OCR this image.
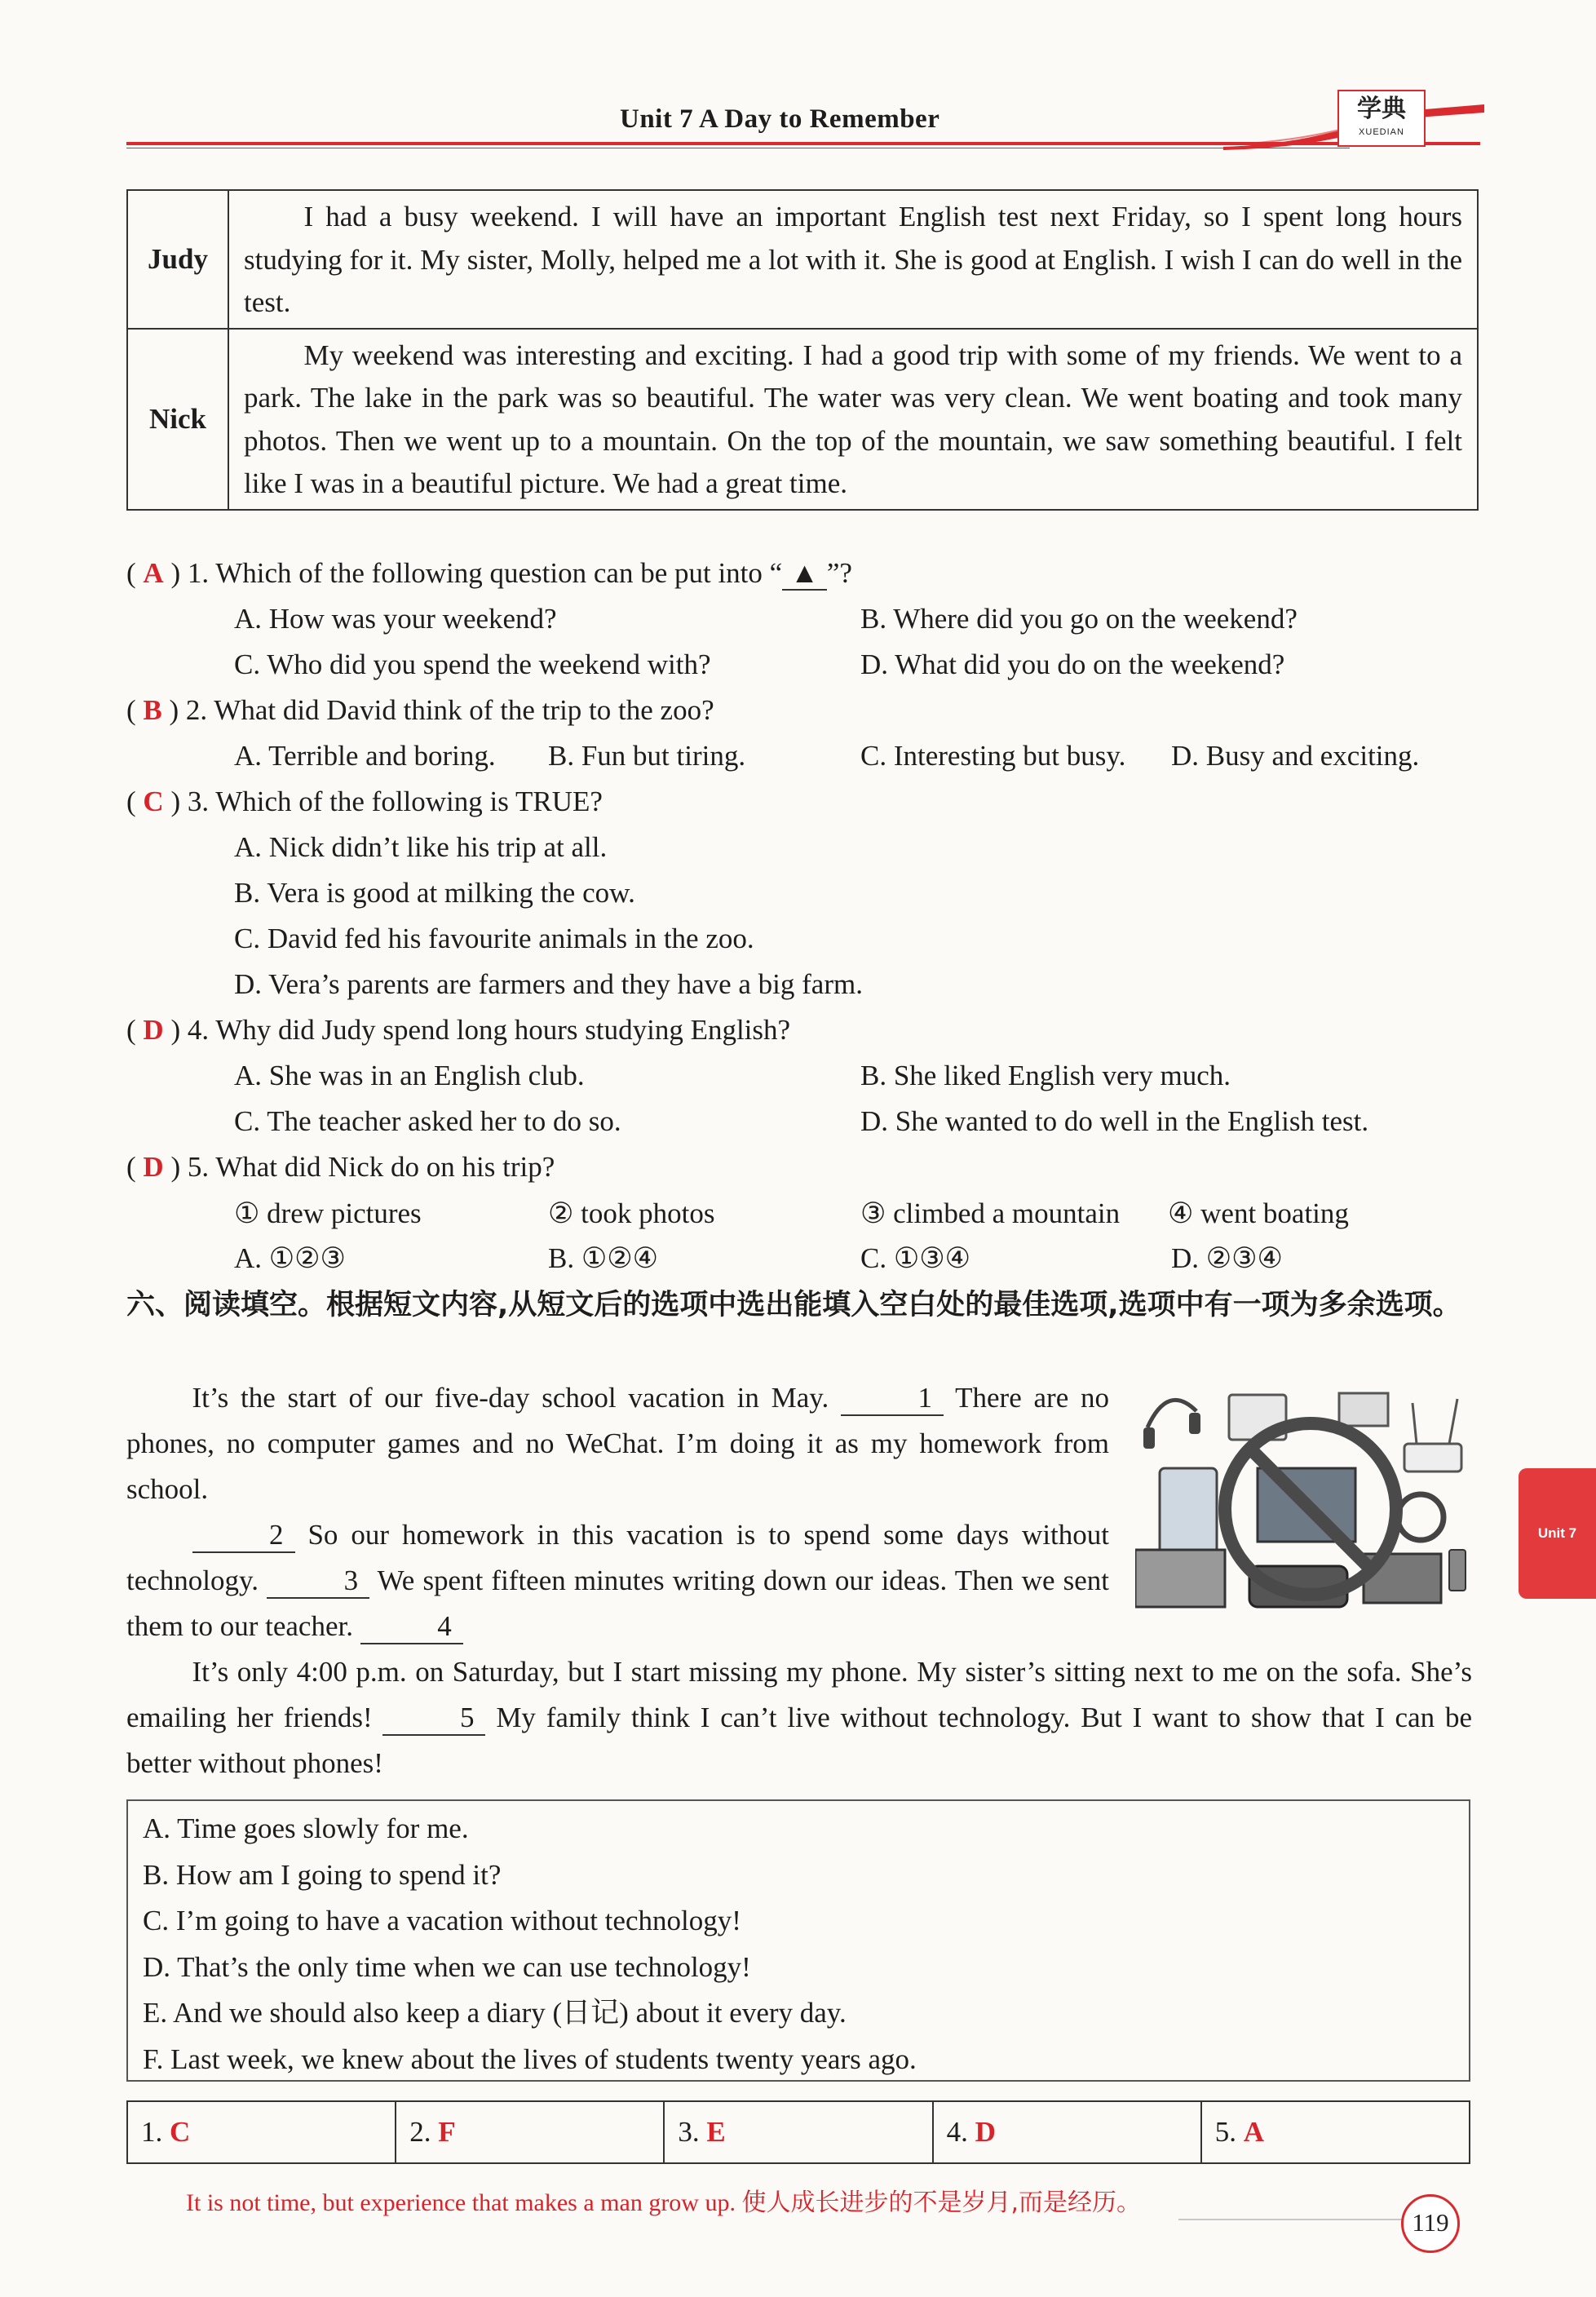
Unit 7 A Day to Remember	学典
XUEDIAN
Judy	I had a busy weekend. I will have an important English test next Friday, so I spent long hours studying for it. My sister, Molly, helped me a lot with it. She is good at English. I wish I can do well in the test.
Nick	My weekend was interesting and exciting. I had a good trip with some of my friends. We went to a park. The lake in the park was so beautiful. The water was very clean. We went boating and took many photos. Then we went up to a mountain. On the top of the mountain, we saw something beautiful. I felt like I was in a beautiful picture. We had a great time.
( A ) 1. Which of the following question can be put into “ ▲ ”?
A. How was your weekend?	B. Where did you go on the weekend?
C. Who did you spend the weekend with?	D. What did you do on the weekend?
( B ) 2. What did David think of the trip to the zoo?
A. Terrible and boring. B. Fun but tiring.	C. Interesting but busy. D. Busy and exciting.
( C ) 3. Which of the following is TRUE?
A. Nick didn’t like his trip at all.
B. Vera is good at milking the cow.
C. David fed his favourite animals in the zoo.
D. Vera’s parents are farmers and they have a big farm.
( D ) 4. Why did Judy spend long hours studying English?
A. She was in an English club.	B. She liked English very much.
C. The teacher asked her to do so.	D. She wanted to do well in the English test.
( D ) 5. What did Nick do on his trip?
① drew pictures	② took photos	③ climbed a mountain ④ went boating
A. ①②③	B. ①②④	C. ①③④	D. ②③④
六、阅读填空。根据短文内容,从短文后的选项中选出能填入空白处的最佳选项,选项中有一项为多余选项。
It’s the start of our five-day school vacation in May.	1 There are no phones, no computer games and no WeChat. I’m doing it as my homework from school.
2 So our homework in this vacation is to spend some days without technology.	3 We spent fifteen minutes writing down our ideas. Then we sent them to our teacher.	4
It’s only 4:00 p.m. on Saturday, but I start missing my phone. My sister’s sitting next to me on the sofa. She’s emailing her friends!	5 My family think I can’t live without technology. But I want to show that I can be better without phones!
A. Time goes slowly for me.
B. How am I going to spend it?
C. I’m going to have a vacation without technology!
D. That’s the only time when we can use technology!
E. And we should also keep a diary (日记) about it every day.
F. Last week, we knew about the lives of students twenty years ago.
1. C	2. F	3. E	4. D	5. A
Unit 7
It is not time, but experience that makes a man grow up. 使人成长进步的不是岁月,而是经历。
119
